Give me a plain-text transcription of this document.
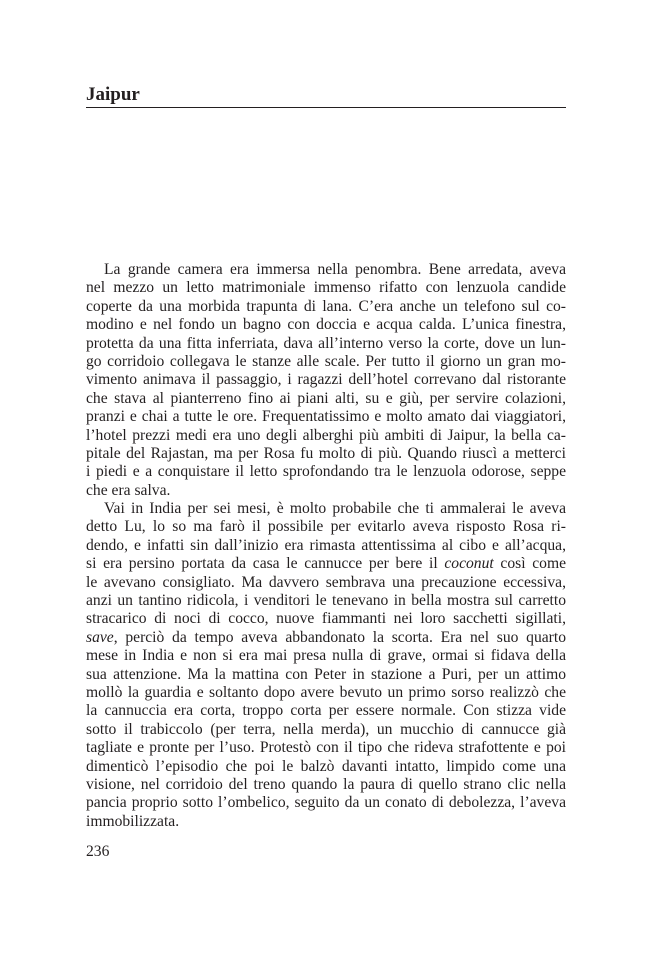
Jaipur
La grande camera era immersa nella penombra. Bene arredata, aveva
nel mezzo un letto matrimoniale immenso rifatto con lenzuola candide
coperte da una morbida trapunta di lana. C’era anche un telefono sul co-
modino e nel fondo un bagno con doccia e acqua calda. L’unica finestra,
protetta da una fitta inferriata, dava all’interno verso la corte, dove un lun-
go corridoio collegava le stanze alle scale. Per tutto il giorno un gran mo-
vimento animava il passaggio, i ragazzi dell’hotel correvano dal ristorante
che stava al pianterreno fino ai piani alti, su e giù, per servire colazioni,
pranzi e chai a tutte le ore. Frequentatissimo e molto amato dai viaggiatori,
l’hotel prezzi medi era uno degli alberghi più ambiti di Jaipur, la bella ca-
pitale del Rajastan, ma per Rosa fu molto di più. Quando riuscì a metterci
i piedi e a conquistare il letto sprofondando tra le lenzuola odorose, seppe
che era salva.
Vai in India per sei mesi, è molto probabile che ti ammalerai le aveva
detto Lu, lo so ma farò il possibile per evitarlo aveva risposto Rosa ri-
dendo, e infatti sin dall’inizio era rimasta attentissima al cibo e all’acqua,
si era persino portata da casa le cannucce per bere il coconut così come
le avevano consigliato. Ma davvero sembrava una precauzione eccessiva,
anzi un tantino ridicola, i venditori le tenevano in bella mostra sul carretto
stracarico di noci di cocco, nuove fiammanti nei loro sacchetti sigillati,
save, perciò da tempo aveva abbandonato la scorta. Era nel suo quarto
mese in India e non si era mai presa nulla di grave, ormai si fidava della
sua attenzione. Ma la mattina con Peter in stazione a Puri, per un attimo
mollò la guardia e soltanto dopo avere bevuto un primo sorso realizzò che
la cannuccia era corta, troppo corta per essere normale. Con stizza vide
sotto il trabiccolo (per terra, nella merda), un mucchio di cannucce già
tagliate e pronte per l’uso. Protestò con il tipo che rideva strafottente e poi
dimenticò l’episodio che poi le balzò davanti intatto, limpido come una
visione, nel corridoio del treno quando la paura di quello strano clic nella
pancia proprio sotto l’ombelico, seguito da un conato di debolezza, l’aveva
immobilizzata.
236
